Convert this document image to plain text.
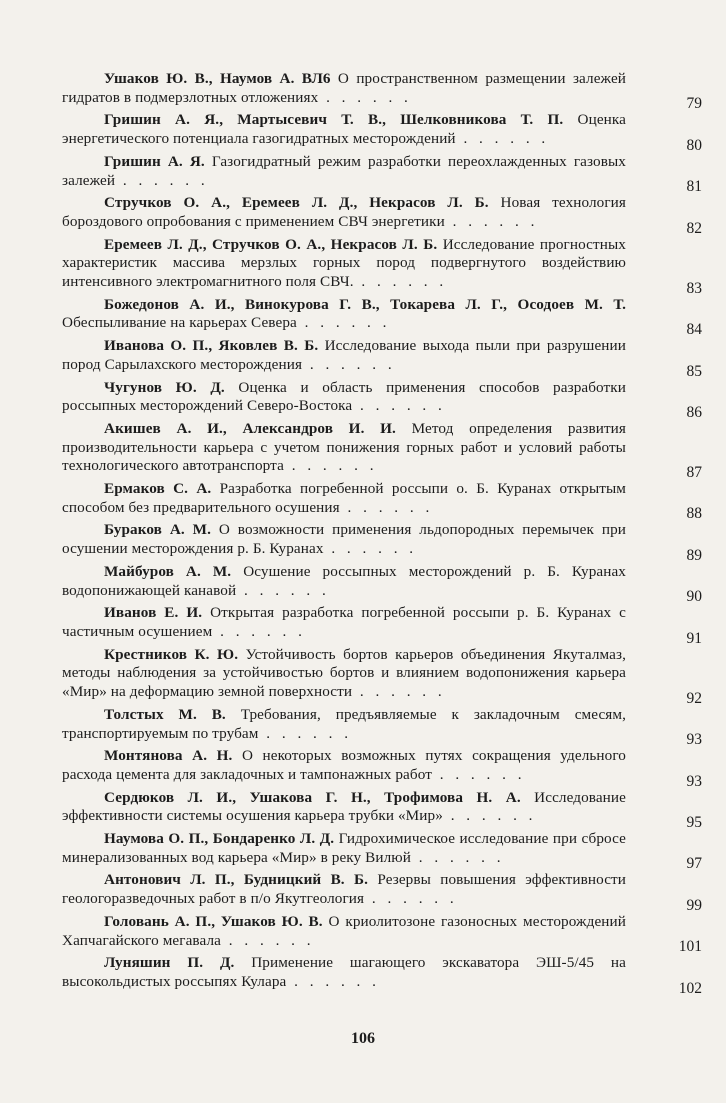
Ушаков Ю. В., Наумов А. ВЛ6 О пространственном размещении залежей гидратов в подмерзлотных отложениях . . . . . .	79
Гришин А. Я., Мартысевич Т. В., Шелковникова Т. П. Оценка энергетического потенциала газогидратных месторождений . . . . . .	80
Гришин А. Я. Газогидратный режим разработки переохлажденных газовых залежей . . . . . .	81
Стручков О. А., Еремеев Л. Д., Некрасов Л. Б. Новая технология бороздового опробования с применением СВЧ энергетики . . . . . .	82
Еремеев Л. Д., Стручков О. А., Некрасов Л. Б. Исследование прогностных характеристик массива мерзлых горных пород подвергнутого воздействию интенсивного электромагнитного поля СВЧ. . . . . . .	83
Божедонов А. И., Винокурова Г. В., Токарева Л. Г., Осодоев М. Т. Обеспыливание на карьерах Севера . . . . . .	84
Иванова О. П., Яковлев В. Б. Исследование выхода пыли при разрушении пород Сарылахского месторождения . . . . . .	85
Чугунов Ю. Д. Оценка и область применения способов разработки россыпных месторождений Северо-Востока . . . . . .	86
Акишев А. И., Александров И. И. Метод определения развития производительности карьера с учетом понижения горных работ и условий работы технологического автотранспорта . . . . . .	87
Ермаков С. А. Разработка погребенной россыпи о. Б. Куранах открытым способом без предварительного осушения . . . . . .	88
Бураков А. М. О возможности применения льдопородных перемычек при осушении месторождения р. Б. Куранах . . . . . .	89
Майбуров А. М. Осушение россыпных месторождений р. Б. Куранах водопонижающей канавой . . . . . .	90
Иванов Е. И. Открытая разработка погребенной россыпи р. Б. Куранах с частичным осушением . . . . . .	91
Крестников К. Ю. Устойчивость бортов карьеров объединения Якуталмаз, методы наблюдения за устойчивостью бортов и влиянием водопонижения карьера «Мир» на деформацию земной поверхности . . . . . .	92
Толстых М. В. Требования, предъявляемые к закладочным смесям, транспортируемым по трубам . . . . . .	93
Монтянова А. Н. О некоторых возможных путях сокращения удельного расхода цемента для закладочных и тампонажных работ . . . . . .	93
Сердюков Л. И., Ушакова Г. Н., Трофимова Н. А. Исследование эффективности системы осушения карьера трубки «Мир» . . . . . .	95
Наумова О. П., Бондаренко Л. Д. Гидрохимическое исследование при сбросе минерализованных вод карьера «Мир» в реку Вилюй . . . . . .	97
Антонович Л. П., Будницкий В. Б. Резервы повышения эффективности геологоразведочных работ в п/о Якутгеология . . . . . .	99
Головань А. П., Ушаков Ю. В. О криолитозоне газоносных месторождений Хапчагайского мегавала . . . . . .	101
Луняшин П. Д. Применение шагающего экскаватора ЭШ-5/45 на высокольдистых россыпях Кулара . . . . . .	102
106
